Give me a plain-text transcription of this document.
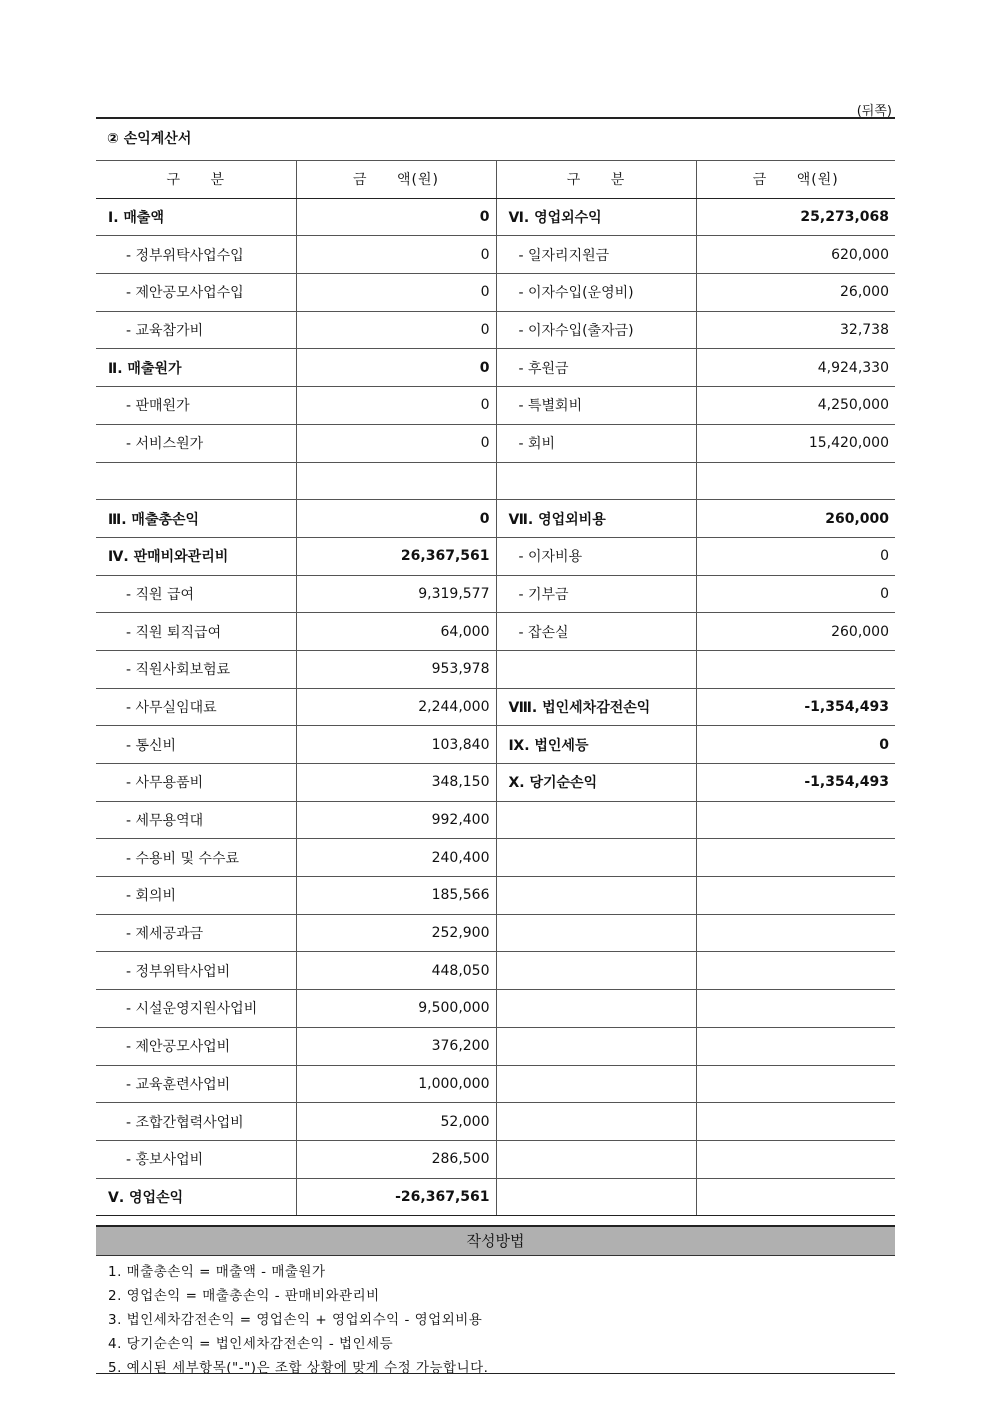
(뒤쪽)
② 손익계산서
구 분	금 액(원)	구 분	금 액(원)
Ⅰ. 매출액	0	Ⅵ. 영업외수익	25,273,068
- 정부위탁사업수입	0	- 일자리지원금	620,000
- 제안공모사업수입	0	- 이자수입(운영비)	26,000
- 교육참가비	0	- 이자수입(출자금)	32,738
Ⅱ. 매출원가	0	- 후원금	4,924,330
- 판매원가	0	- 특별회비	4,250,000
- 서비스원가	0	- 회비	15,420,000

Ⅲ. 매출총손익	0	Ⅶ. 영업외비용	260,000
Ⅳ. 판매비와관리비	26,367,561	- 이자비용	0
- 직원 급여	9,319,577	- 기부금	0
- 직원 퇴직급여	64,000	- 잡손실	260,000
- 직원사회보험료	953,978		
- 사무실임대료	2,244,000	Ⅷ. 법인세차감전손익	-1,354,493
- 통신비	103,840	Ⅸ. 법인세등	0
- 사무용품비	348,150	Ⅹ. 당기순손익	-1,354,493
- 세무용역대	992,400		
- 수용비 및 수수료	240,400		
- 회의비	185,566		
- 제세공과금	252,900		
- 정부위탁사업비	448,050		
- 시설운영지원사업비	9,500,000		
- 제안공모사업비	376,200		
- 교육훈련사업비	1,000,000		
- 조합간협력사업비	52,000		
- 홍보사업비	286,500		
Ⅴ. 영업손익	-26,367,561		
작성방법
1. 매출총손익 = 매출액 - 매출원가
2. 영업손익 = 매출총손익 - 판매비와관리비
3. 법인세차감전손익 = 영업손익 + 영업외수익 - 영업외비용
4. 당기순손익 = 법인세차감전손익 - 법인세등
5. 예시된 세부항목("-")은 조합 상황에 맞게 수정 가능합니다.
